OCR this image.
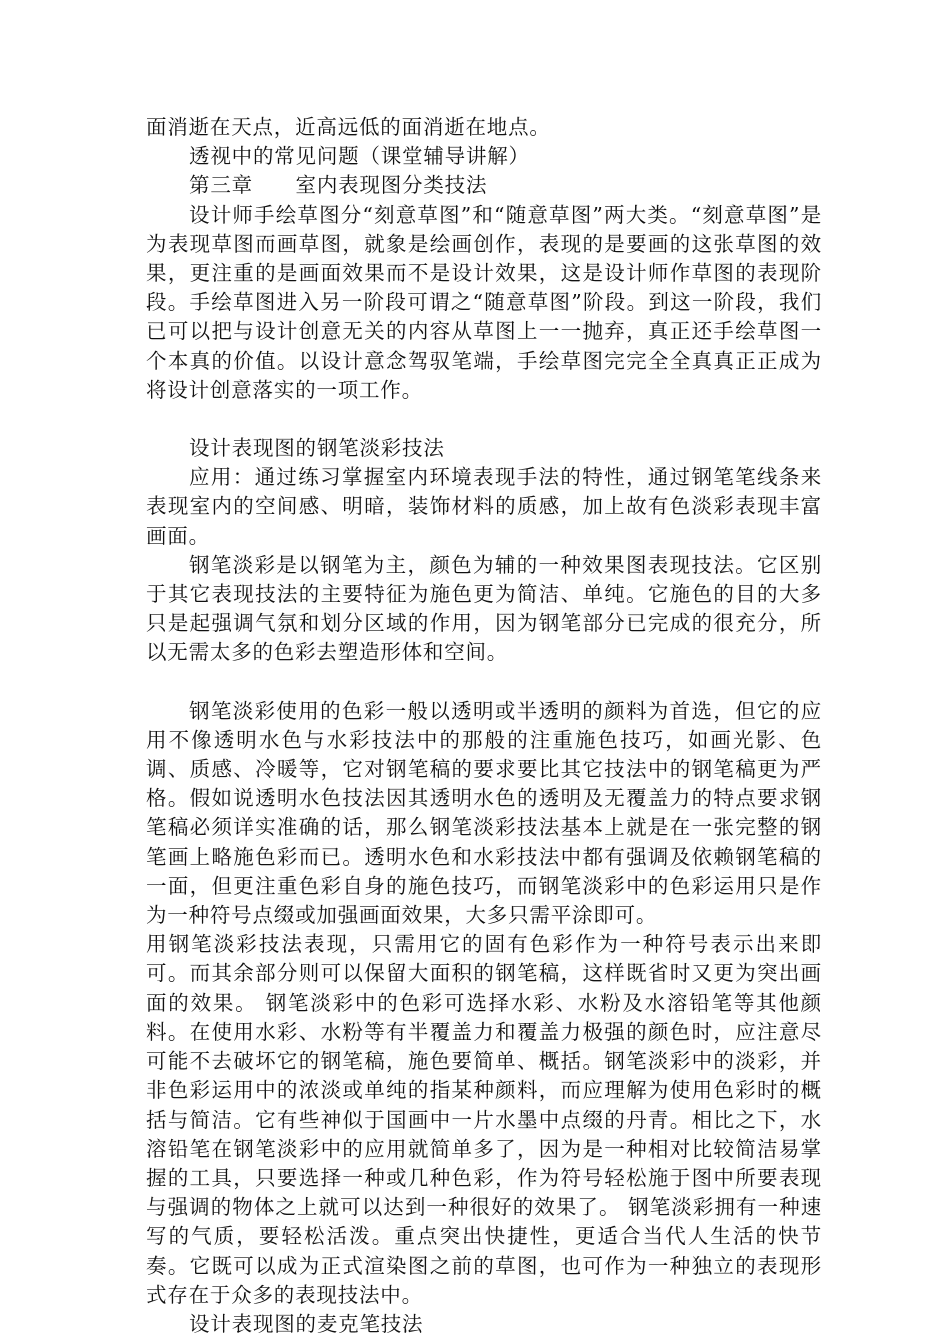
面消逝在天点，近高远低的面消逝在地点。

透视中的常见问题（课堂辅导讲解）

第三章　　室内表现图分类技法

设计师手绘草图分“刻意草图”和“随意草图”两大类。“刻意草图”是为表现草图而画草图，就象是绘画创作，表现的是要画的这张草图的效果，更注重的是画面效果而不是设计效果，这是设计师作草图的表现阶段。手绘草图进入另一阶段可谓之“随意草图”阶段。到这一阶段，我们已可以把与设计创意无关的内容从草图上一一抛弃，真正还手绘草图一个本真的价值。以设计意念驾驭笔端，手绘草图完完全全真真正正成为将设计创意落实的一项工作。

设计表现图的钢笔淡彩技法

应用：通过练习掌握室内环境表现手法的特性，通过钢笔笔线条来表现室内的空间感、明暗，装饰材料的质感，加上故有色淡彩表现丰富画面。

钢笔淡彩是以钢笔为主，颜色为辅的一种效果图表现技法。它区别于其它表现技法的主要特征为施色更为简洁、单纯。它施色的目的大多只是起强调气氛和划分区域的作用，因为钢笔部分已完成的很充分，所以无需太多的色彩去塑造形体和空间。

钢笔淡彩使用的色彩一般以透明或半透明的颜料为首选，但它的应用不像透明水色与水彩技法中的那般的注重施色技巧，如画光影、色调、质感、冷暖等，它对钢笔稿的要求要比其它技法中的钢笔稿更为严格。假如说透明水色技法因其透明水色的透明及无覆盖力的特点要求钢笔稿必须详实准确的话，那么钢笔淡彩技法基本上就是在一张完整的钢笔画上略施色彩而已。透明水色和水彩技法中都有强调及依赖钢笔稿的一面，但更注重色彩自身的施色技巧，而钢笔淡彩中的色彩运用只是作为一种符号点缀或加强画面效果，大多只需平涂即可。

用钢笔淡彩技法表现，只需用它的固有色彩作为一种符号表示出来即可。而其余部分则可以保留大面积的钢笔稿，这样既省时又更为突出画面的效果。 钢笔淡彩中的色彩可选择水彩、水粉及水溶铅笔等其他颜料。在使用水彩、水粉等有半覆盖力和覆盖力极强的颜色时，应注意尽可能不去破坏它的钢笔稿，施色要简单、概括。钢笔淡彩中的淡彩，并非色彩运用中的浓淡或单纯的指某种颜料，而应理解为使用色彩时的概括与简洁。它有些神似于国画中一片水墨中点缀的丹青。相比之下，水溶铅笔在钢笔淡彩中的应用就简单多了，因为是一种相对比较简洁易掌握的工具，只要选择一种或几种色彩，作为符号轻松施于图中所要表现与强调的物体之上就可以达到一种很好的效果了。 钢笔淡彩拥有一种速写的气质，要轻松活泼。重点突出快捷性，更适合当代人生活的快节奏。它既可以成为正式渲染图之前的草图，也可作为一种独立的表现形式存在于众多的表现技法中。

设计表现图的麦克笔技法
